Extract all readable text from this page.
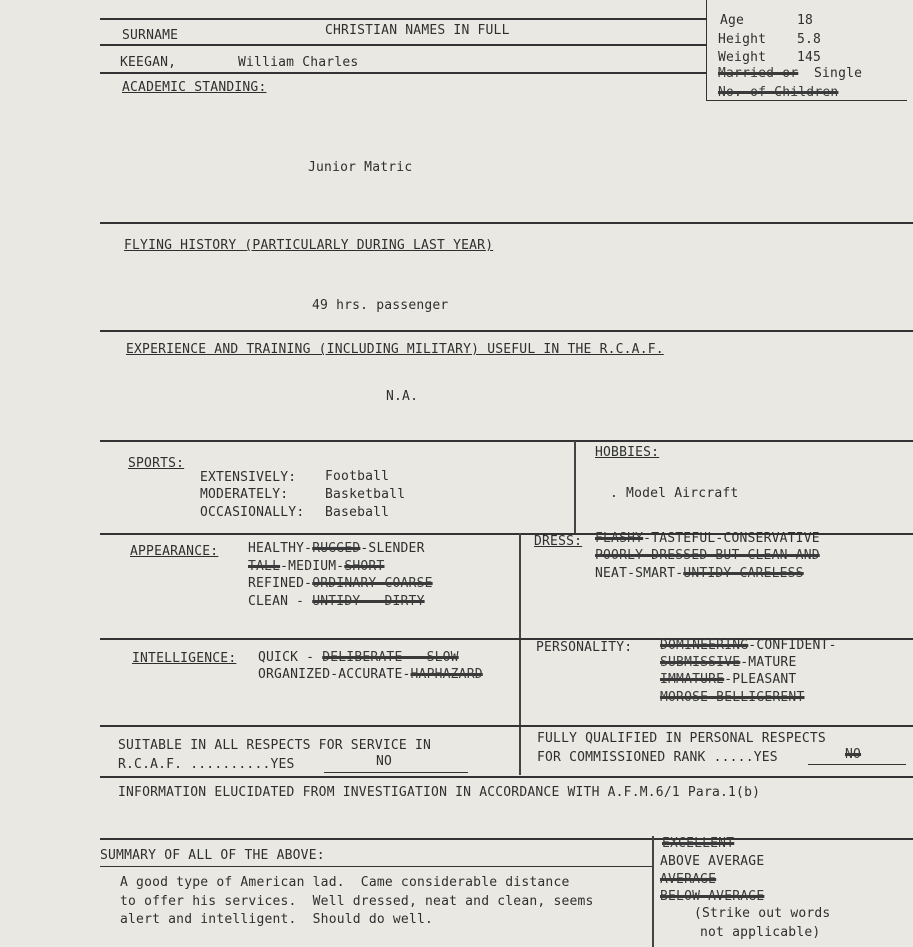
SURNAME	CHRISTIAN NAMES IN FULL
KEEGAN,	William Charles
ACADEMIC STANDING:
Junior Matric
Age	18
Height 5.8
Weight 145
Married or Single
No. of Children
FLYING HISTORY (PARTICULARLY DURING LAST YEAR)
49 hrs. passenger
EXPERIENCE AND TRAINING (INCLUDING MILITARY) USEFUL IN THE R.C.A.F.
N.A.
SPORTS:
EXTENSIVELY: Football
MODERATELY:	Basketball
OCCASIONALLY: Baseball
HOBBIES:
. Model Aircraft
APPEARANCE: HEALTHY-RUGGED-SLENDER
TALL-MEDIUM-SHORT
REFINED-ORDINARY-COARSE
CLEAN - UNTIDY - DIRTY
DRESS: FLASHY-TASTEFUL-CONSERVATIVE
POORLY DRESSED BUT CLEAN AND
NEAT-SMART-UNTIDY-CARELESS
INTELLIGENCE: QUICK - DELIBERATE - SLOW
ORGANIZED-ACCURATE-HAPHAZARD
PERSONALITY: DOMINEERING-CONFIDENT-
SUBMISSIVE-MATURE
IMMATURE-PLEASANT
MOROSE-BELLIGERENT
SUITABLE IN ALL RESPECTS FOR SERVICE IN
R.C.A.F. ..........YES	NO
FULLY QUALIFIED IN PERSONAL RESPECTS
FOR COMMISSIONED RANK .....YES	NO
INFORMATION ELUCIDATED FROM INVESTIGATION IN ACCORDANCE WITH A.F.M.6/1 Para.1(b)
SUMMARY OF ALL OF THE ABOVE:
A good type of American lad.  Came considerable distance
to offer his services.  Well dressed, neat and clean, seems
alert and intelligent.  Should do well.
EXCELLENT
ABOVE AVERAGE
AVERAGE
BELOW AVERAGE
(Strike out words
not applicable)
